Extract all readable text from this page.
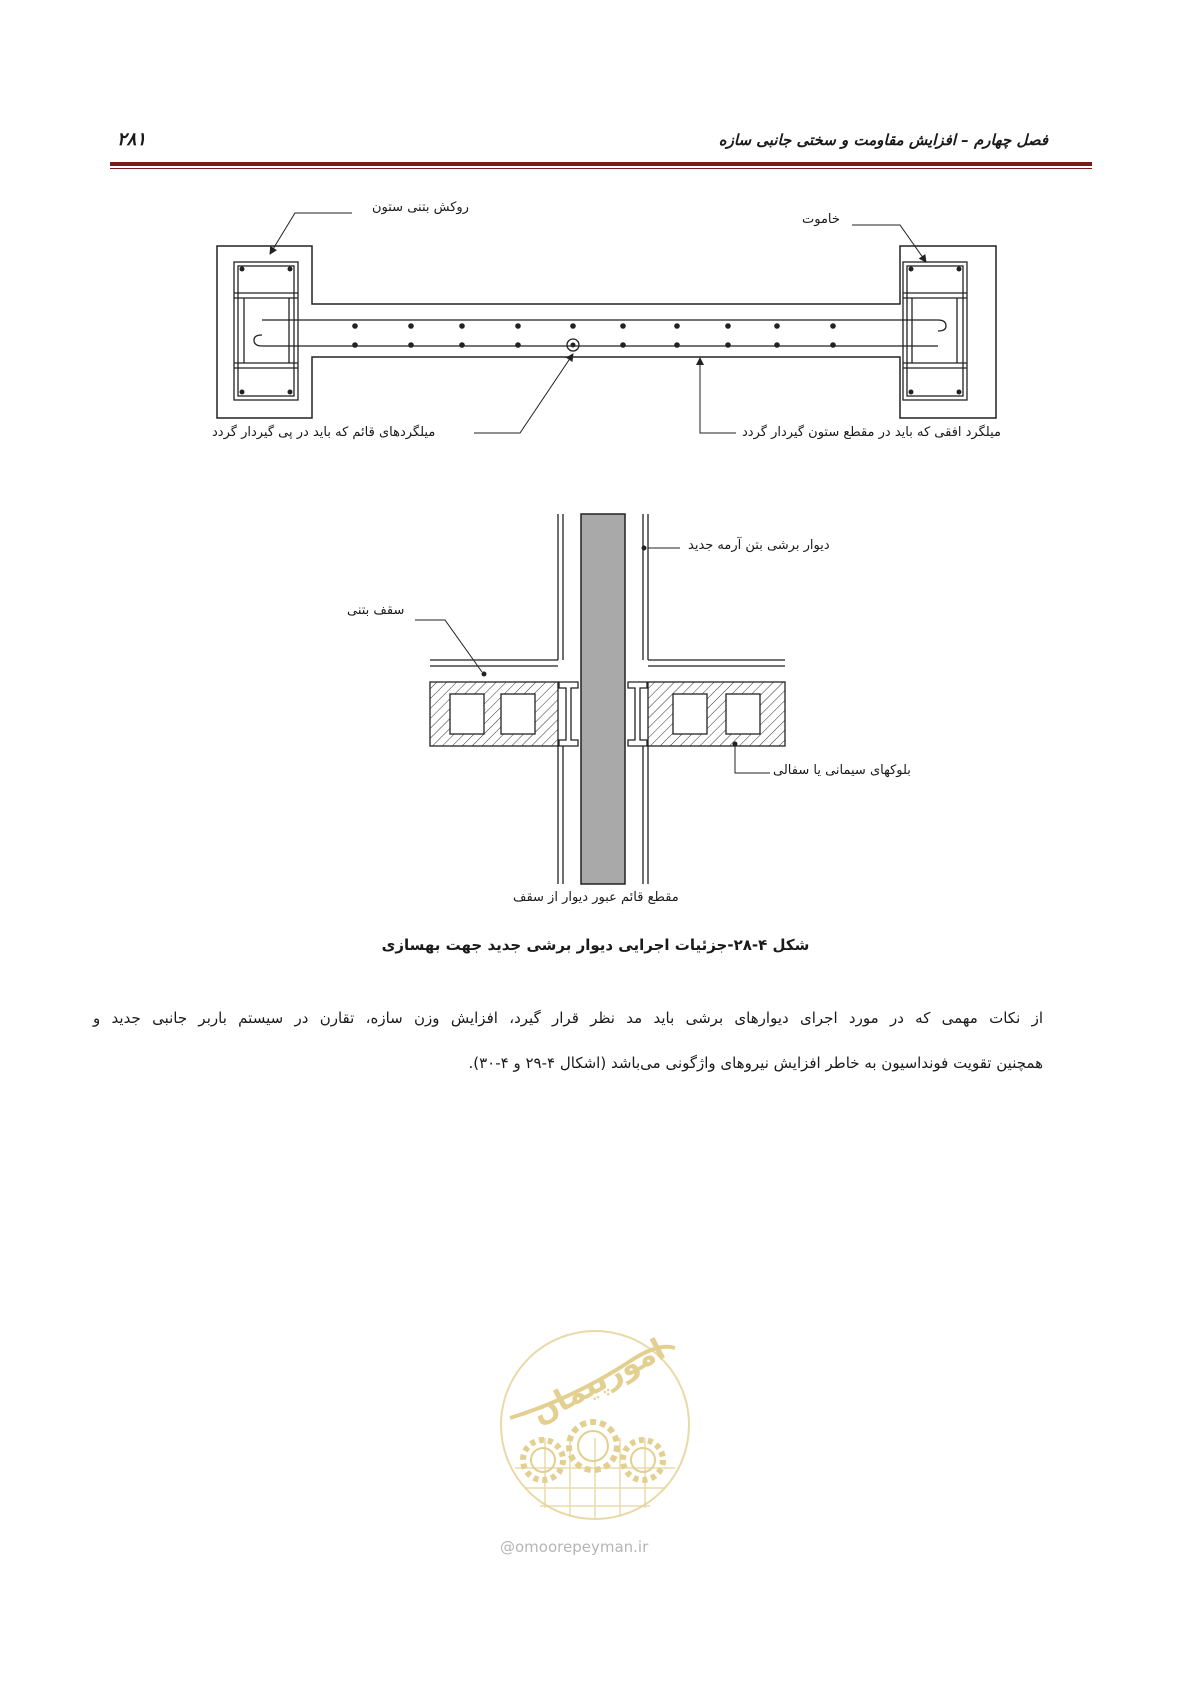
فصل چهارم – افزایش مقاومت و سختی جانبی سازه
۲۸۱
روکش بتنی ستون
خاموت
میلگردهای قائم که باید در پی گیردار گردد	میلگرد افقی که باید در مقطع ستون گیردار گردد
دیوار برشی بتن آرمه جدید
سقف بتنی
بلوکهای سیمانی یا سفالی
مقطع قائم عبور دیوار از سقف
شکل ۴-۲۸-جزئیات اجرایی دیوار برشی جدید جهت بهسازی
از نکات مهمی که در مورد اجرای دیوارهای برشی باید مد نظر قرار گیرد، افزایش وزن سازه، تقارن در سیستم باربر جانبی جدید و
همچنین تقویت فونداسیون به خاطر افزایش نیروهای واژگونی می‌باشد (اشکال ۴-۲۹ و ۴-۳۰).
امورپیمان
@omoorepeyman.ir
